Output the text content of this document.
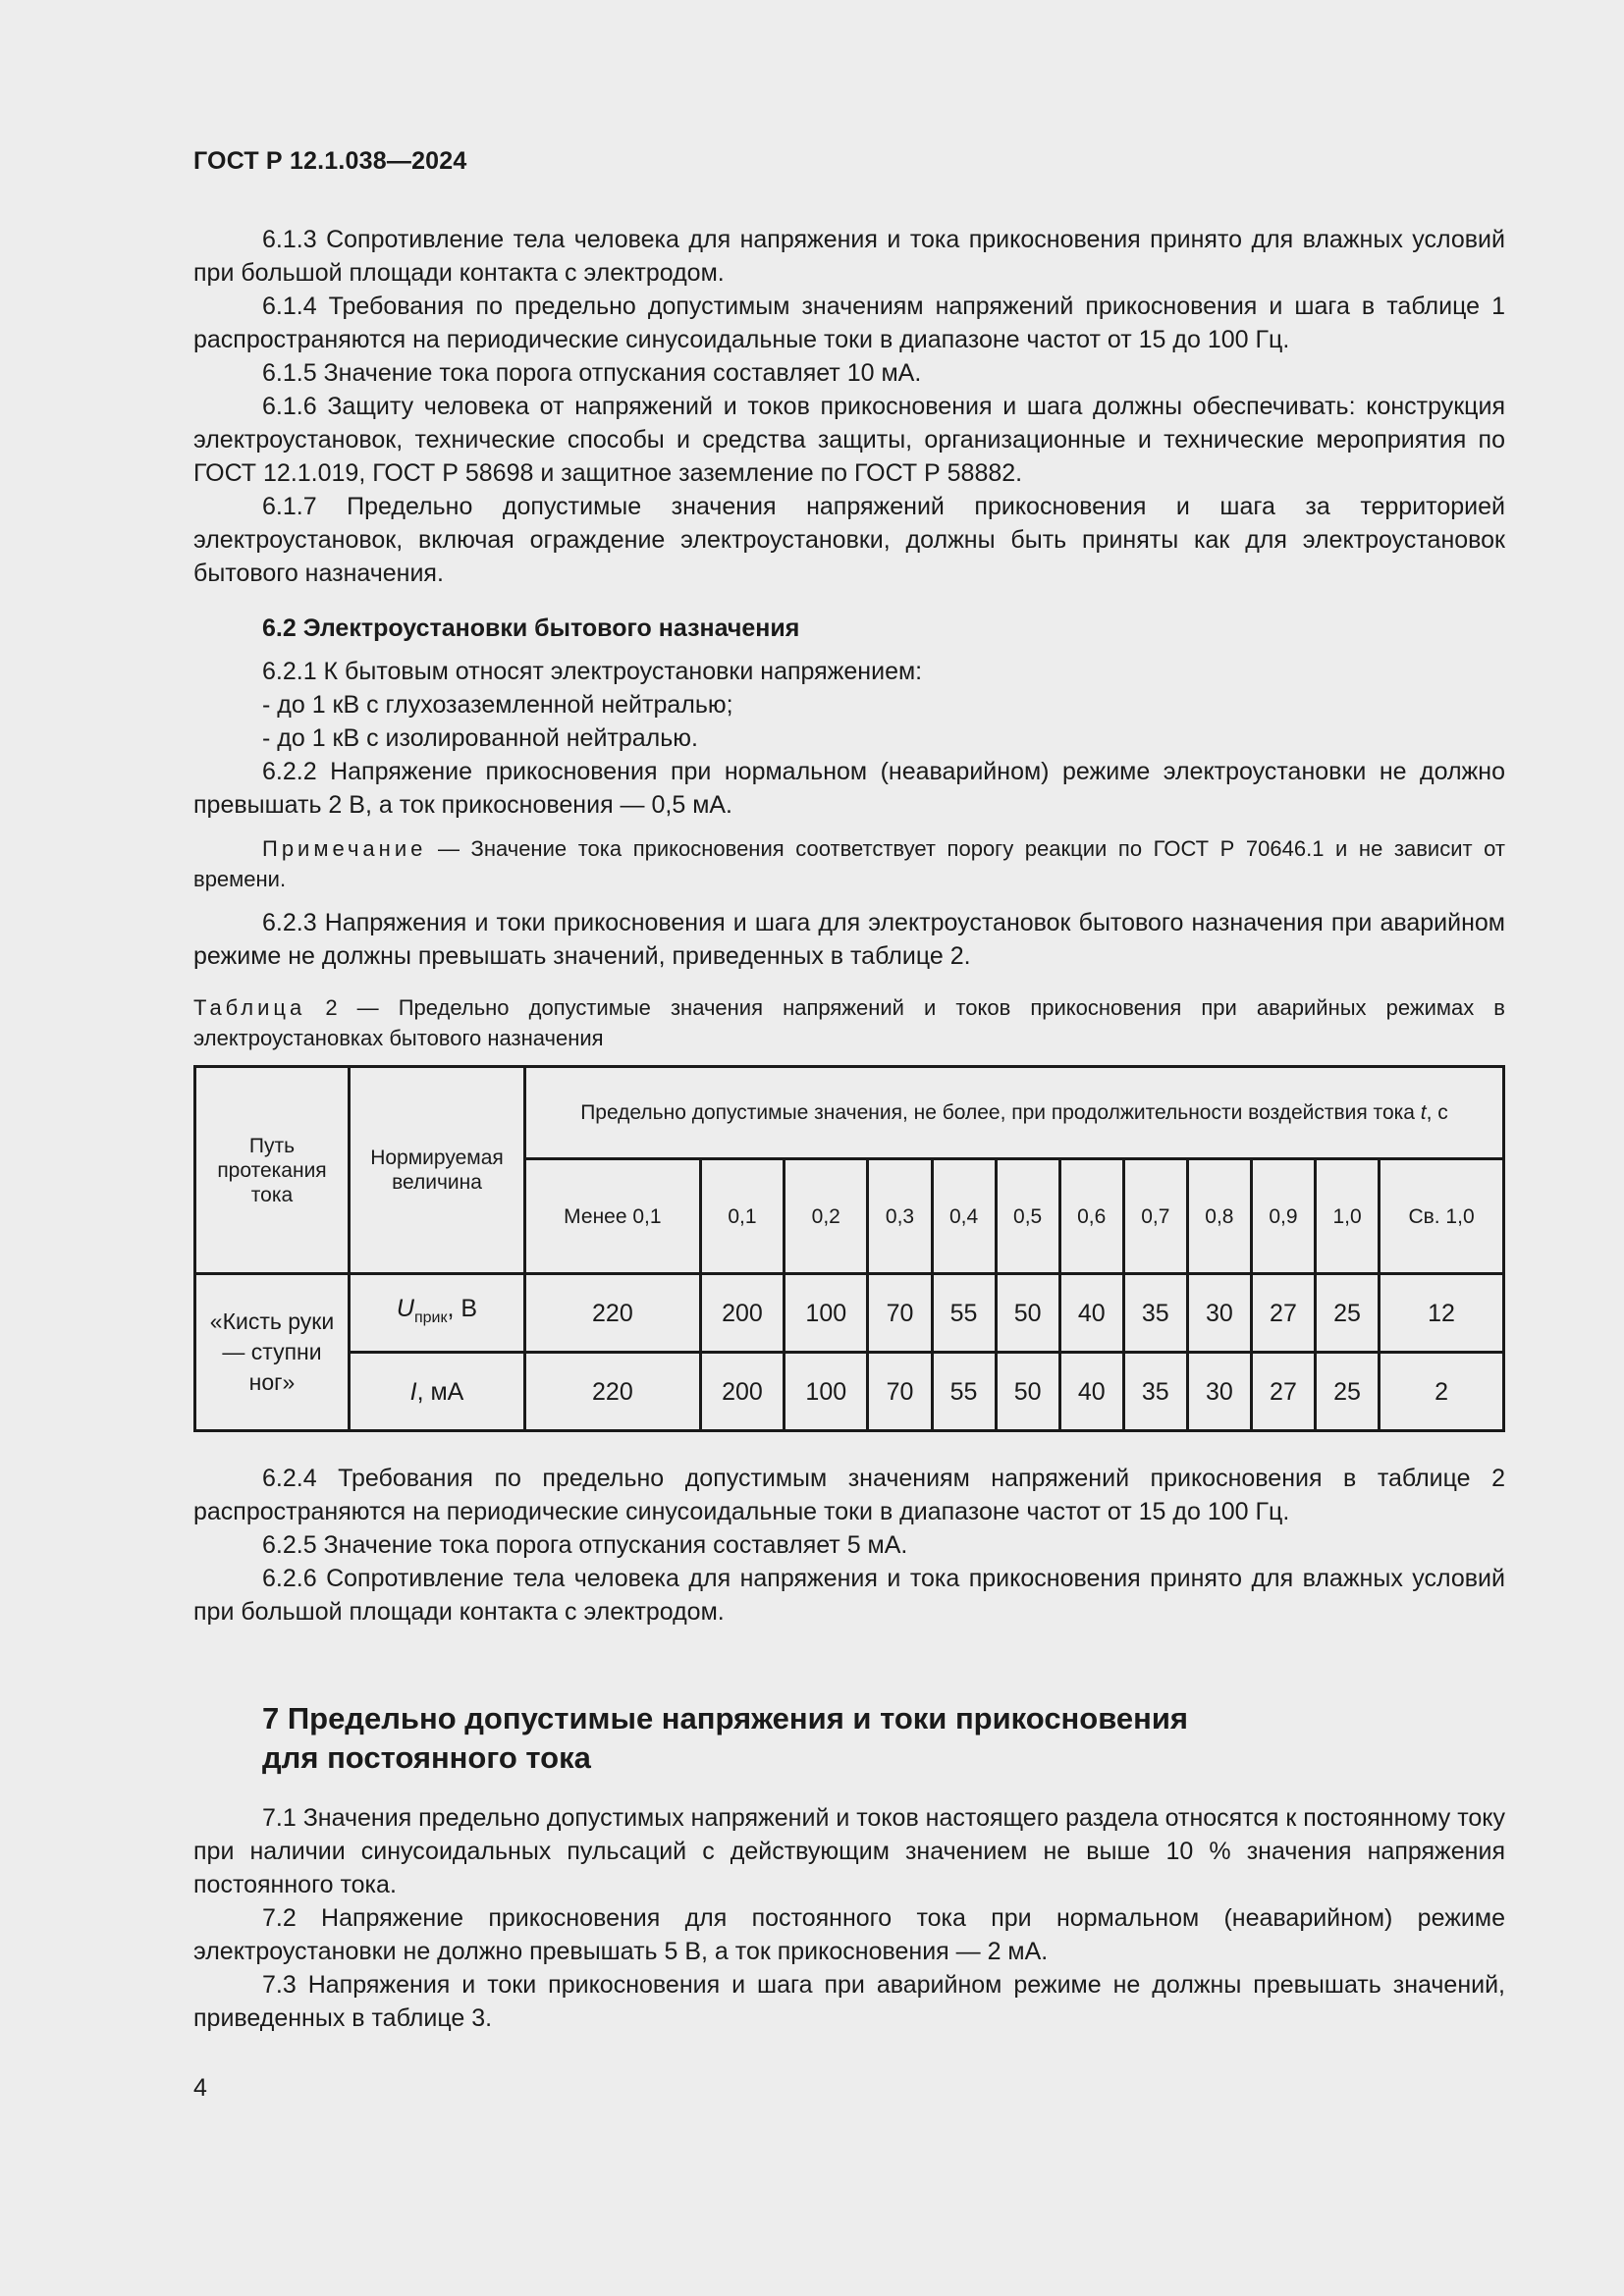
ГОСТ Р 12.1.038—2024

6.1.3 Сопротивление тела человека для напряжения и тока прикосновения принято для влажных условий при большой площади контакта с электродом.

6.1.4 Требования по предельно допустимым значениям напряжений прикосновения и шага в таблице 1 распространяются на периодические синусоидальные токи в диапазоне частот от 15 до 100 Гц.

6.1.5 Значение тока порога отпускания составляет 10 мА.

6.1.6 Защиту человека от напряжений и токов прикосновения и шага должны обеспечивать: конструкция электроустановок, технические способы и средства защиты, организационные и технические мероприятия по ГОСТ 12.1.019, ГОСТ Р 58698 и защитное заземление по ГОСТ Р 58882.

6.1.7 Предельно допустимые значения напряжений прикосновения и шага за территорией электроустановок, включая ограждение электроустановки, должны быть приняты как для электроустановок бытового назначения.

6.2 Электроустановки бытового назначения

6.2.1 К бытовым относят электроустановки напряжением:

- до 1 кВ с глухозаземленной нейтралью;

- до 1 кВ с изолированной нейтралью.

6.2.2 Напряжение прикосновения при нормальном (неаварийном) режиме электроустановки не должно превышать 2 В, а ток прикосновения — 0,5 мА.

Примечание — Значение тока прикосновения соответствует порогу реакции по ГОСТ Р 70646.1 и не зависит от времени.

6.2.3 Напряжения и токи прикосновения и шага для электроустановок бытового назначения при аварийном режиме не должны превышать значений, приведенных в таблице 2.

Таблица 2 — Предельно допустимые значения напряжений и токов прикосновения при аварийных режимах в электроустановках бытового назначения

Путь протекания тока	Нормируемая величина	Предельно допустимые значения, не более, при продолжительности воздействия тока t, с											
		Менее 0,1	0,1	0,2	0,3	0,4	0,5	0,6	0,7	0,8	0,9	1,0	Св. 1,0
«Кисть руки — ступни ног»	$U_{прик}$, В	220	200	100	70	55	50	40	35	30	27	25	12
	I, мА	220	200	100	70	55	50	40	35	30	27	25	2

6.2.4 Требования по предельно допустимым значениям напряжений прикосновения в таблице 2 распространяются на периодические синусоидальные токи в диапазоне частот от 15 до 100 Гц.

6.2.5 Значение тока порога отпускания составляет 5 мА.

6.2.6 Сопротивление тела человека для напряжения и тока прикосновения принято для влажных условий при большой площади контакта с электродом.

7 Предельно допустимые напряжения и токи прикосновения
для постоянного тока

7.1 Значения предельно допустимых напряжений и токов настоящего раздела относятся к постоянному току при наличии синусоидальных пульсаций с действующим значением не выше 10 % значения напряжения постоянного тока.

7.2 Напряжение прикосновения для постоянного тока при нормальном (неаварийном) режиме электроустановки не должно превышать 5 В, а ток прикосновения — 2 мА.

7.3 Напряжения и токи прикосновения и шага при аварийном режиме не должны превышать значений, приведенных в таблице 3.

4
